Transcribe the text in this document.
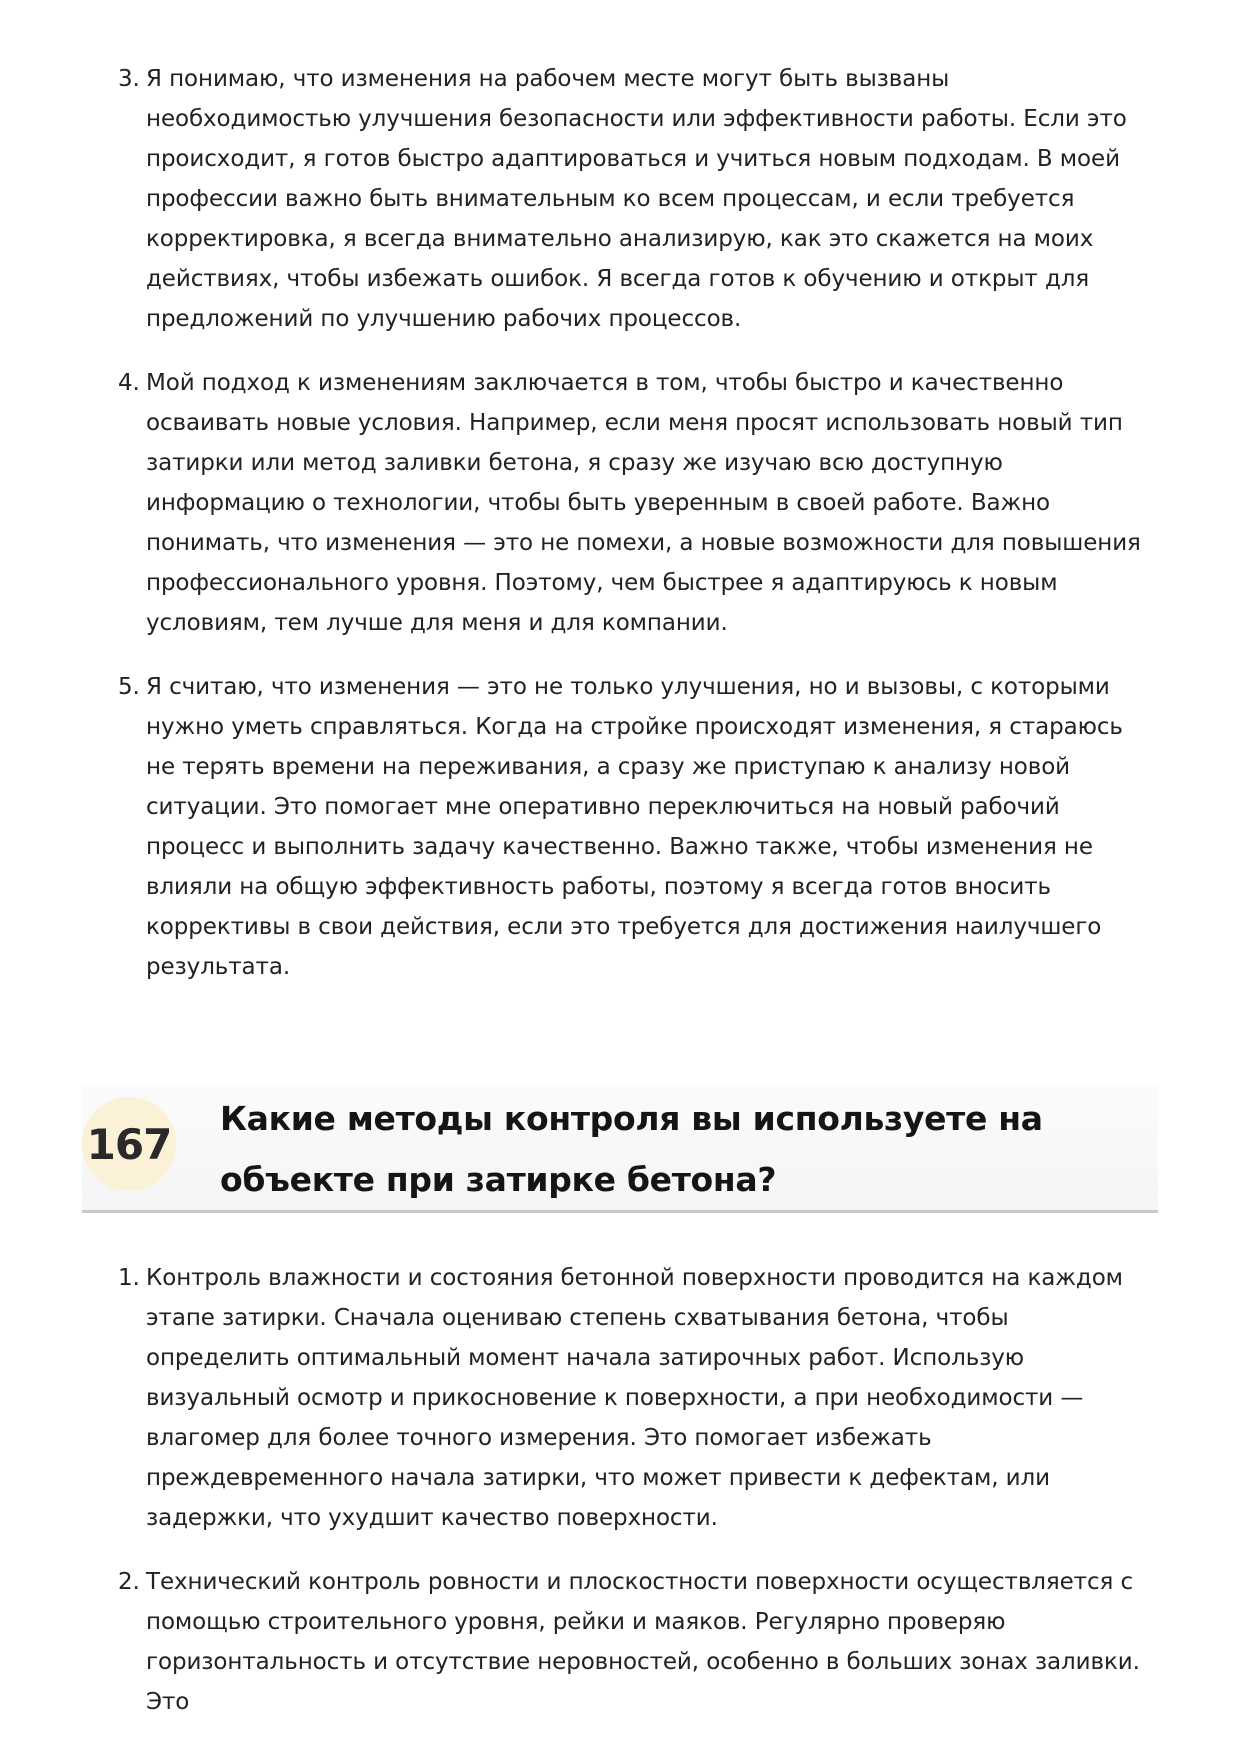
3. Я понимаю, что изменения на рабочем месте могут быть вызваны необходимостью улучшения безопасности или эффективности работы. Если это происходит, я готов быстро адаптироваться и учиться новым подходам. В моей профессии важно быть внимательным ко всем процессам, и если требуется корректировка, я всегда внимательно анализирую, как это скажется на моих действиях, чтобы избежать ошибок. Я всегда готов к обучению и открыт для предложений по улучшению рабочих процессов.
4. Мой подход к изменениям заключается в том, чтобы быстро и качественно осваивать новые условия. Например, если меня просят использовать новый тип затирки или метод заливки бетона, я сразу же изучаю всю доступную информацию о технологии, чтобы быть уверенным в своей работе. Важно понимать, что изменения — это не помехи, а новые возможности для повышения профессионального уровня. Поэтому, чем быстрее я адаптируюсь к новым условиям, тем лучше для меня и для компании.
5. Я считаю, что изменения — это не только улучшения, но и вызовы, с которыми нужно уметь справляться. Когда на стройке происходят изменения, я стараюсь не терять времени на переживания, а сразу же приступаю к анализу новой ситуации. Это помогает мне оперативно переключиться на новый рабочий процесс и выполнить задачу качественно. Важно также, чтобы изменения не влияли на общую эффективность работы, поэтому я всегда готов вносить коррективы в свои действия, если это требуется для достижения наилучшего результата.
167
Какие методы контроля вы используете на объекте при затирке бетона?
1. Контроль влажности и состояния бетонной поверхности проводится на каждом этапе затирки. Сначала оцениваю степень схватывания бетона, чтобы определить оптимальный момент начала затирочных работ. Использую визуальный осмотр и прикосновение к поверхности, а при необходимости — влагомер для более точного измерения. Это помогает избежать преждевременного начала затирки, что может привести к дефектам, или задержки, что ухудшит качество поверхности.
2. Технический контроль ровности и плоскостности поверхности осуществляется с помощью строительного уровня, рейки и маяков. Регулярно проверяю горизонтальность и отсутствие неровностей, особенно в больших зонах заливки. Это
